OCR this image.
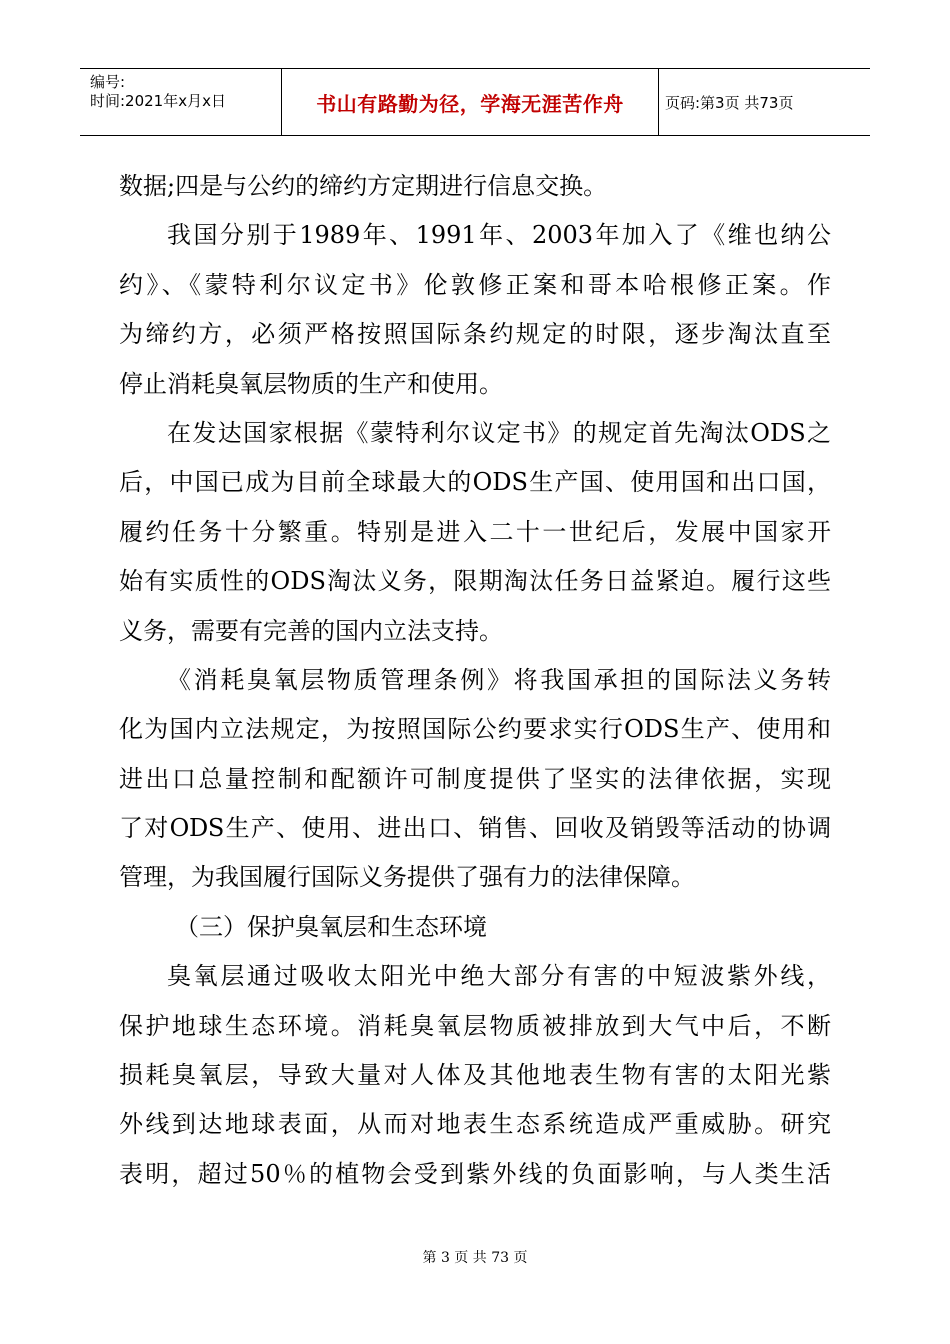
编号:
时间:2021年x月x日	书山有路勤为径，学海无涯苦作舟	页码:第3页 共73页
数据;四是与公约的缔约方定期进行信息交换。
我国分别于1989年、1991年、2003年加入了《维也纳公
约》、《蒙特利尔议定书》伦敦修正案和哥本哈根修正案。作
为缔约方，必须严格按照国际条约规定的时限，逐步淘汰直至
停止消耗臭氧层物质的生产和使用。
在发达国家根据《蒙特利尔议定书》的规定首先淘汰ODS之
后，中国已成为目前全球最大的ODS生产国、使用国和出口国，
履约任务十分繁重。特别是进入二十一世纪后，发展中国家开
始有实质性的ODS淘汰义务，限期淘汰任务日益紧迫。履行这些
义务，需要有完善的国内立法支持。
《消耗臭氧层物质管理条例》将我国承担的国际法义务转
化为国内立法规定，为按照国际公约要求实行ODS生产、使用和
进出口总量控制和配额许可制度提供了坚实的法律依据，实现
了对ODS生产、使用、进出口、销售、回收及销毁等活动的协调
管理，为我国履行国际义务提供了强有力的法律保障。
（三）保护臭氧层和生态环境
臭氧层通过吸收太阳光中绝大部分有害的中短波紫外线，
保护地球生态环境。消耗臭氧层物质被排放到大气中后，不断
损耗臭氧层，导致大量对人体及其他地表生物有害的太阳光紫
外线到达地球表面，从而对地表生态系统造成严重威胁。研究
表明，超过50％的植物会受到紫外线的负面影响，与人类生活
第 3 页 共 73 页
